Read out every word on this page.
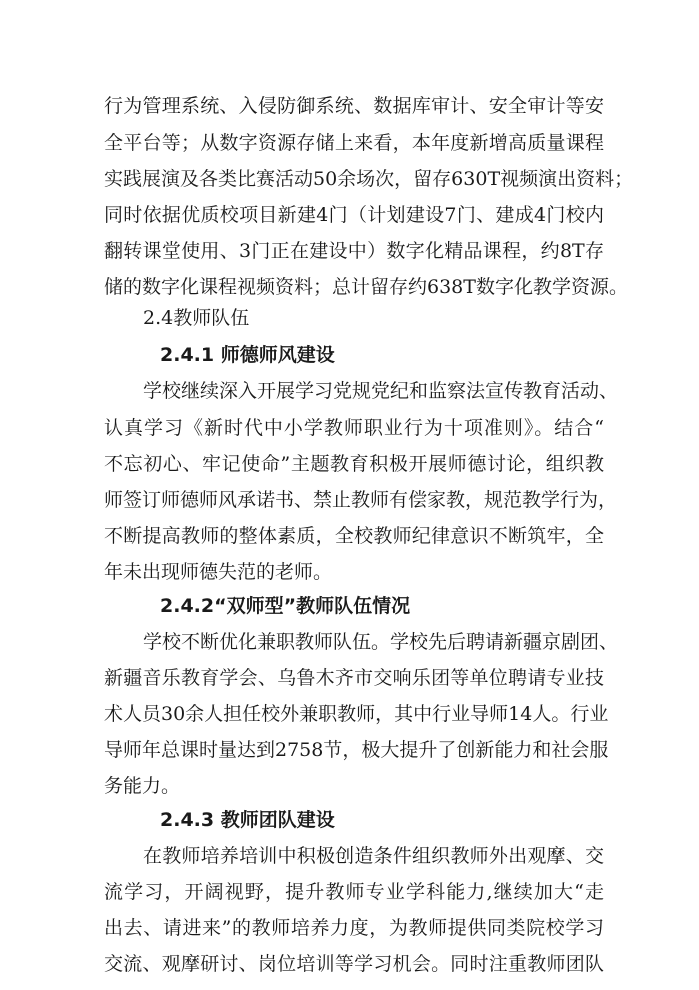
行为管理系统、入侵防御系统、数据库审计、安全审计等安
全平台等；从数字资源存储上来看，本年度新增高质量课程
实践展演及各类比赛活动50余场次，留存630T视频演出资料；
同时依据优质校项目新建4门（计划建设7门、建成4门校内
翻转课堂使用、3门正在建设中）数字化精品课程，约8T存
储的数字化课程视频资料；总计留存约638T数字化教学资源。
2.4教师队伍
2.4.1 师德师风建设
学校继续深入开展学习党规党纪和监察法宣传教育活动、
认真学习《新时代中小学教师职业行为十项准则》。结合“
不忘初心、牢记使命”主题教育积极开展师德讨论，组织教
师签订师德师风承诺书、禁止教师有偿家教，规范教学行为，
不断提高教师的整体素质，全校教师纪律意识不断筑牢，全
年未出现师德失范的老师。
2.4.2“双师型”教师队伍情况
学校不断优化兼职教师队伍。学校先后聘请新疆京剧团、
新疆音乐教育学会、乌鲁木齐市交响乐团等单位聘请专业技
术人员30余人担任校外兼职教师，其中行业导师14人。行业
导师年总课时量达到2758节，极大提升了创新能力和社会服
务能力。
2.4.3 教师团队建设
在教师培养培训中积极创造条件组织教师外出观摩、交
流学习，开阔视野，提升教师专业学科能力,继续加大“走
出去、请进来”的教师培养力度，为教师提供同类院校学习
交流、观摩研讨、岗位培训等学习机会。同时注重教师团队
